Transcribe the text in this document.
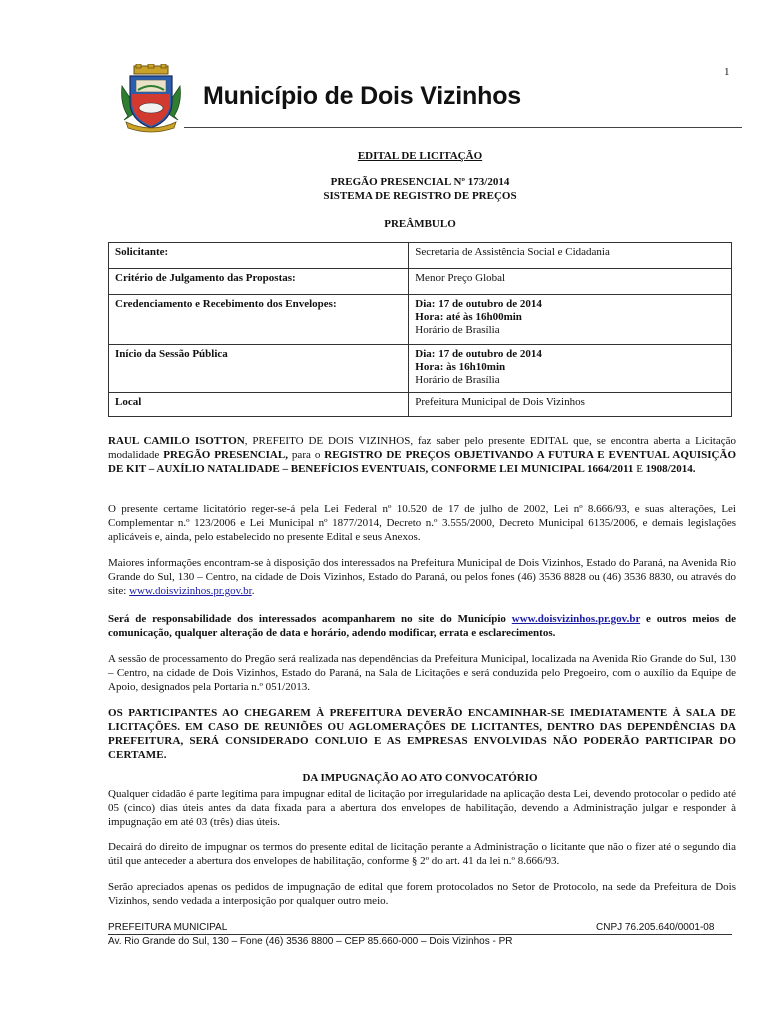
1
Município de Dois Vizinhos
EDITAL DE LICITAÇÃO
PREGÃO PRESENCIAL Nº 173/2014
SISTEMA DE REGISTRO DE PREÇOS
PREÂMBULO
Solicitante:	Secretaria de Assistência Social e Cidadania
Critério de Julgamento das Propostas:	Menor Preço Global
Credenciamento e Recebimento dos Envelopes:	Dia: 17 de outubro de 2014
Hora: até às 16h00min
Horário de Brasília

Início da Sessão Pública	Dia: 17 de outubro de 2014
Hora: às 16h10min
Horário de Brasília

Local	Prefeitura Municipal de Dois Vizinhos
RAUL CAMILO ISOTTON, PREFEITO DE DOIS VIZINHOS, faz saber pelo presente EDITAL que, se encontra aberta a Licitação modalidade PREGÃO PRESENCIAL, para o REGISTRO DE PREÇOS OBJETIVANDO A FUTURA E EVENTUAL AQUISIÇÃO DE KIT – AUXÍLIO NATALIDADE – BENEFÍCIOS EVENTUAIS, CONFORME LEI MUNICIPAL 1664/2011 E 1908/2014.
O presente certame licitatório reger-se-á pela Lei Federal nº 10.520 de 17 de julho de 2002, Lei nº 8.666/93, e suas alterações, Lei Complementar n.º 123/2006 e Lei Municipal nº 1877/2014, Decreto n.º 3.555/2000, Decreto Municipal 6135/2006, e demais legislações aplicáveis e, ainda, pelo estabelecido no presente Edital e seus Anexos.
Maiores informações encontram-se à disposição dos interessados na Prefeitura Municipal de Dois Vizinhos, Estado do Paraná, na Avenida Rio Grande do Sul, 130 – Centro, na cidade de Dois Vizinhos, Estado do Paraná, ou pelos fones (46) 3536 8828 ou (46) 3536 8830, ou através do site: www.doisvizinhos.pr.gov.br.
Será de responsabilidade dos interessados acompanharem no site do Município www.doisvizinhos.pr.gov.br e outros meios de comunicação, qualquer alteração de data e horário, adendo modificar, errata e esclarecimentos.
A sessão de processamento do Pregão será realizada nas dependências da Prefeitura Municipal, localizada na Avenida Rio Grande do Sul, 130 – Centro, na cidade de Dois Vizinhos, Estado do Paraná, na Sala de Licitações e será conduzida pelo Pregoeiro, com o auxílio da Equipe de Apoio, designados pela Portaria n.º 051/2013.
OS PARTICIPANTES AO CHEGAREM À PREFEITURA DEVERÃO ENCAMINHAR-SE IMEDIATAMENTE À SALA DE LICITAÇÕES. EM CASO DE REUNIÕES OU AGLOMERAÇÕES DE LICITANTES, DENTRO DAS DEPENDÊNCIAS DA PREFEITURA, SERÁ CONSIDERADO CONLUIO E AS EMPRESAS ENVOLVIDAS NÃO PODERÃO PARTICIPAR DO CERTAME.
DA IMPUGNAÇÃO AO ATO CONVOCATÓRIO
Qualquer cidadão é parte legítima para impugnar edital de licitação por irregularidade na aplicação desta Lei, devendo protocolar o pedido até 05 (cinco) dias úteis antes da data fixada para a abertura dos envelopes de habilitação, devendo a Administração julgar e responder à impugnação em até 03 (três) dias úteis.
Decairá do direito de impugnar os termos do presente edital de licitação perante a Administração o licitante que não o fizer até o segundo dia útil que anteceder a abertura dos envelopes de habilitação, conforme § 2º do art. 41 da lei n.º 8.666/93.
Serão apreciados apenas os pedidos de impugnação de edital que forem protocolados no Setor de Protocolo, na sede da Prefeitura de Dois Vizinhos, sendo vedada a interposição por qualquer outro meio.
PREFEITURA MUNICIPAL	CNPJ 76.205.640/0001-08
Av. Rio Grande do Sul, 130 – Fone (46) 3536 8800 – CEP 85.660-000 – Dois Vizinhos - PR
